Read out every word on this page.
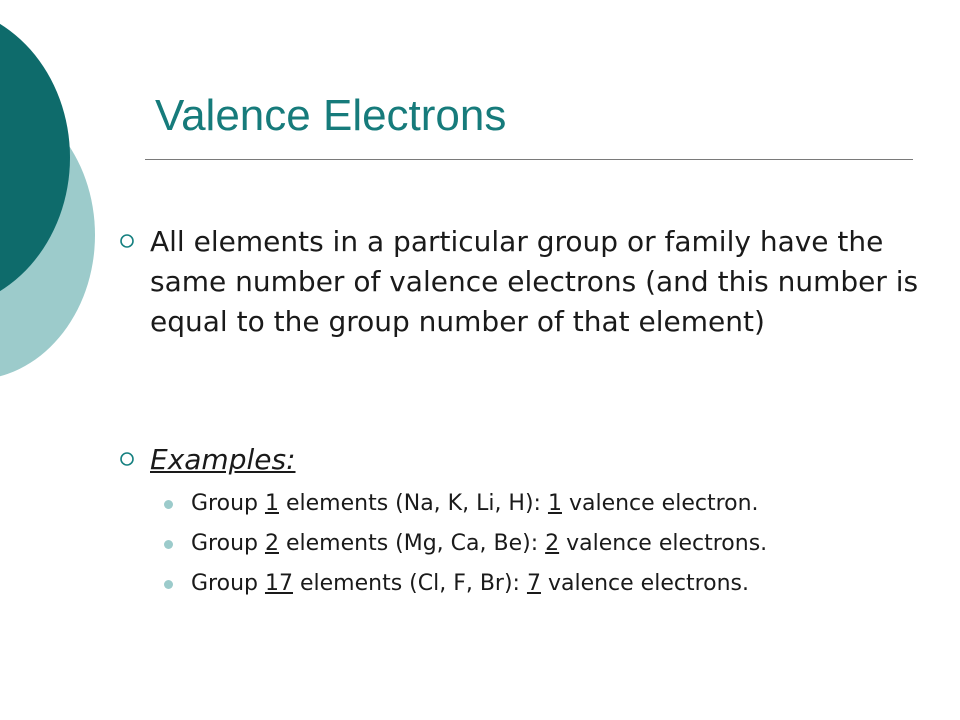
Valence Electrons
All elements in a particular group or family have the same number of valence electrons (and this number is equal to the group number of that element)
Examples:
Group 1 elements (Na, K, Li, H): 1 valence electron.
Group 2 elements (Mg, Ca, Be): 2 valence electrons.
Group 17 elements (Cl, F, Br): 7 valence electrons.
